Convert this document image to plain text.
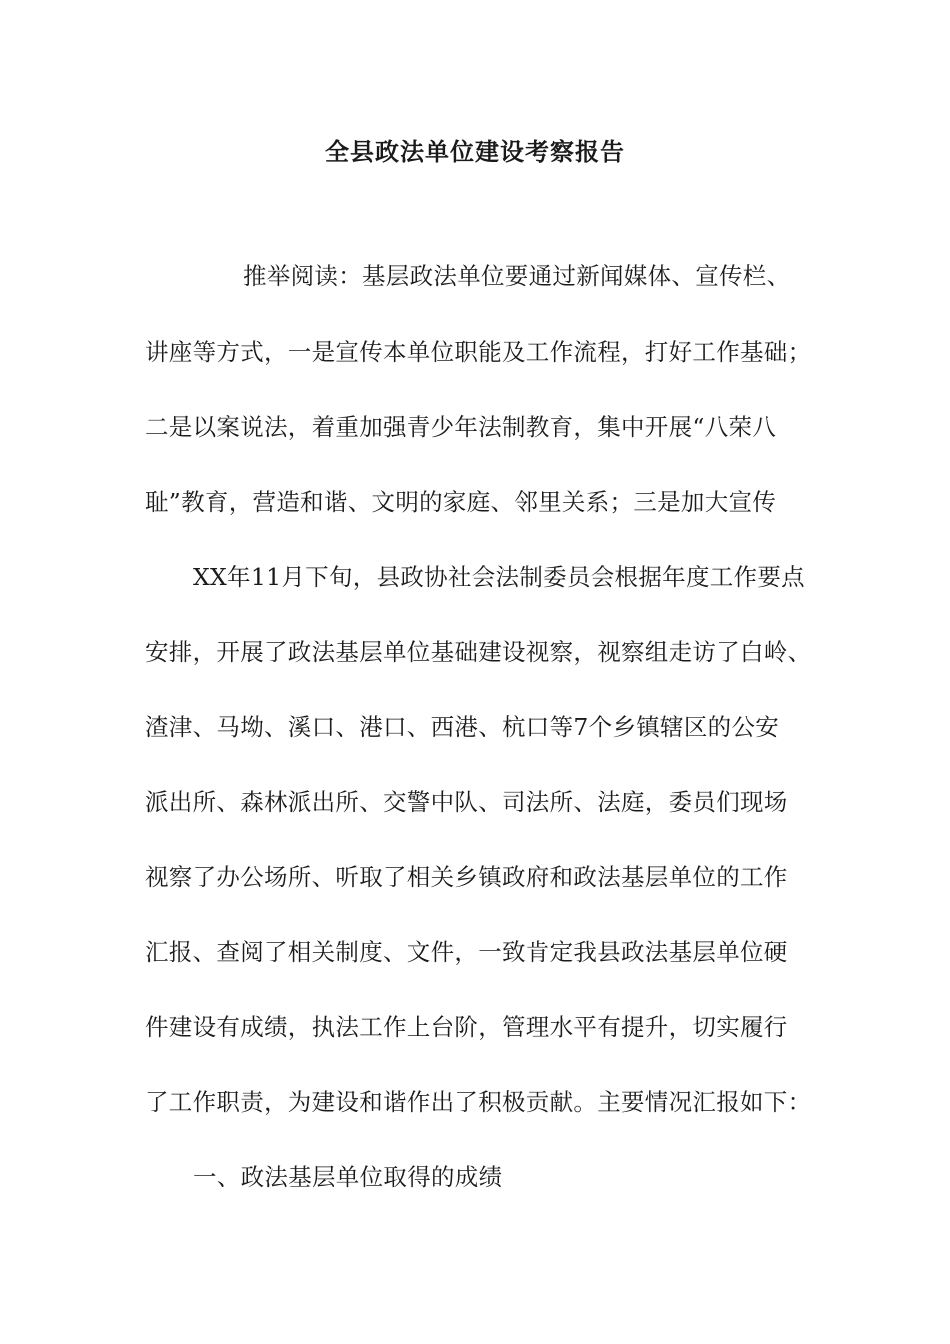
全县政法单位建设考察报告
推举阅读：基层政法单位要通过新闻媒体、宣传栏、
讲座等方式，一是宣传本单位职能及工作流程，打好工作基础；
二是以案说法，着重加强青少年法制教育，集中开展“八荣八
耻”教育，营造和谐、文明的家庭、邻里关系；三是加大宣传
XX年11月下旬，县政协社会法制委员会根据年度工作要点
安排，开展了政法基层单位基础建设视察，视察组走访了白岭、
渣津、马坳、溪口、港口、西港、杭口等7个乡镇辖区的公安
派出所、森林派出所、交警中队、司法所、法庭，委员们现场
视察了办公场所、听取了相关乡镇政府和政法基层单位的工作
汇报、查阅了相关制度、文件，一致肯定我县政法基层单位硬
件建设有成绩，执法工作上台阶，管理水平有提升，切实履行
了工作职责，为建设和谐作出了积极贡献。主要情况汇报如下：
一、政法基层单位取得的成绩
